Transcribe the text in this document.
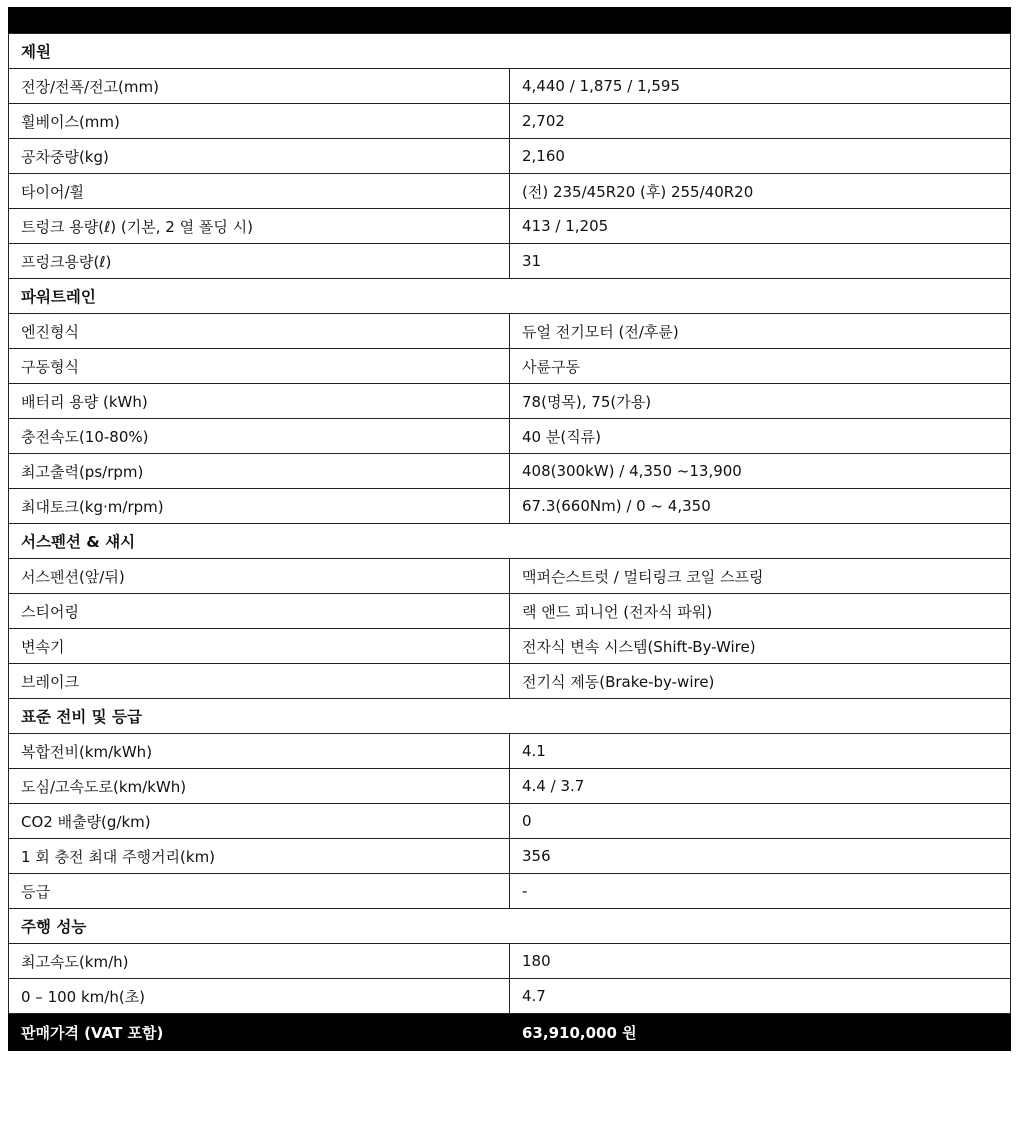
제원	
전장/전폭/전고(mm)	4,440 / 1,875 / 1,595
휠베이스(mm)	2,702
공차중량(kg)	2,160
타이어/휠	(전) 235/45R20 (후) 255/40R20
트렁크 용량(ℓ) (기본, 2 열 폴딩 시)	413 / 1,205
프렁크용량(ℓ)	31
파워트레인	
엔진형식	듀얼 전기모터 (전/후륜)
구동형식	사륜구동
배터리 용량 (kWh)	78(명목), 75(가용)
충전속도(10-80%)	40 분(직류)
최고출력(ps/rpm)	408(300kW) / 4,350 ~13,900
최대토크(kg·m/rpm)	67.3(660Nm) / 0 ~ 4,350
서스펜션 & 섀시	
서스펜션(앞/뒤)	맥퍼슨스트럿 / 멀티링크 코일 스프링
스티어링	랙 앤드 피니언 (전자식 파워)
변속기	전자식 변속 시스템(Shift-By-Wire)
브레이크	전기식 제동(Brake-by-wire)
표준 전비 및 등급	
복합전비(km/kWh)	4.1
도심/고속도로(km/kWh)	4.4 / 3.7
CO2 배출량(g/km)	0
1 회 충전 최대 주행거리(km)	356
등급	-
주행 성능	
최고속도(km/h)	180
0 – 100 km/h(초)	4.7
판매가격 (VAT 포함)	63,910,000 원
